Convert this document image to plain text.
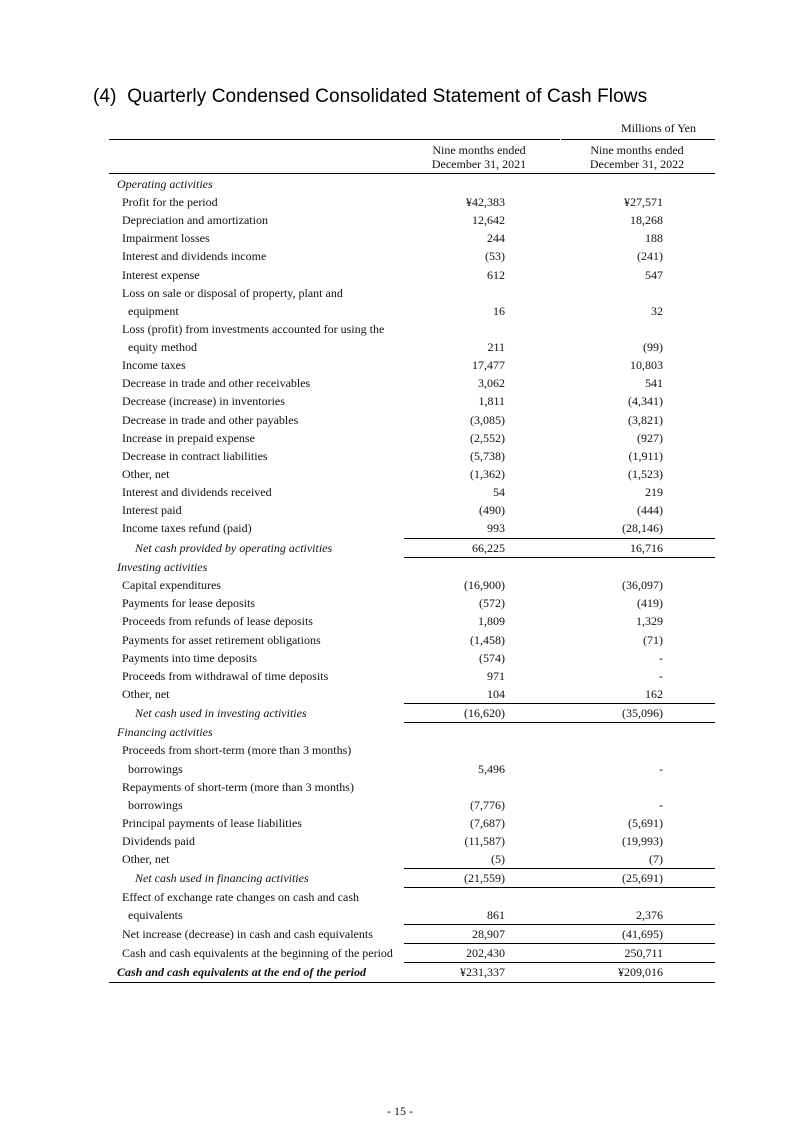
(4)  Quarterly Condensed Consolidated Statement of Cash Flows
Millions of Yen
Nine months ended
December 31, 2021
Nine months ended
December 31, 2022
Operating activities
Profit for the period	¥42,383	¥27,571
Depreciation and amortization	12,642	18,268
Impairment losses	244	188
Interest and dividends income	(53)	(241)
Interest expense	612	547
Loss on sale or disposal of property, plant and
equipment	16	32
Loss (profit) from investments accounted for using the
equity method	211	(99)
Income taxes	17,477	10,803
Decrease in trade and other receivables	3,062	541
Decrease (increase) in inventories	1,811	(4,341)
Decrease in trade and other payables	(3,085)	(3,821)
Increase in prepaid expense	(2,552)	(927)
Decrease in contract liabilities	(5,738)	(1,911)
Other, net	(1,362)	(1,523)
Interest and dividends received	54	219
Interest paid	(490)	(444)
Income taxes refund (paid)	993	(28,146)
Net cash provided by operating activities	66,225	16,716
Investing activities
Capital expenditures	(16,900)	(36,097)
Payments for lease deposits	(572)	(419)
Proceeds from refunds of lease deposits	1,809	1,329
Payments for asset retirement obligations	(1,458)	(71)
Payments into time deposits	(574)	-
Proceeds from withdrawal of time deposits	971	-
Other, net	104	162
Net cash used in investing activities	(16,620)	(35,096)
Financing activities
Proceeds from short-term (more than 3 months)
borrowings	5,496	-
Repayments of short-term (more than 3 months)
borrowings	(7,776)	-
Principal payments of lease liabilities	(7,687)	(5,691)
Dividends paid	(11,587)	(19,993)
Other, net	(5)	(7)
Net cash used in financing activities	(21,559)	(25,691)
Effect of exchange rate changes on cash and cash
equivalents	861	2,376
Net increase (decrease) in cash and cash equivalents	28,907	(41,695)
Cash and cash equivalents at the beginning of the period	202,430	250,711
Cash and cash equivalents at the end of the period	¥231,337	¥209,016
- 15 -
